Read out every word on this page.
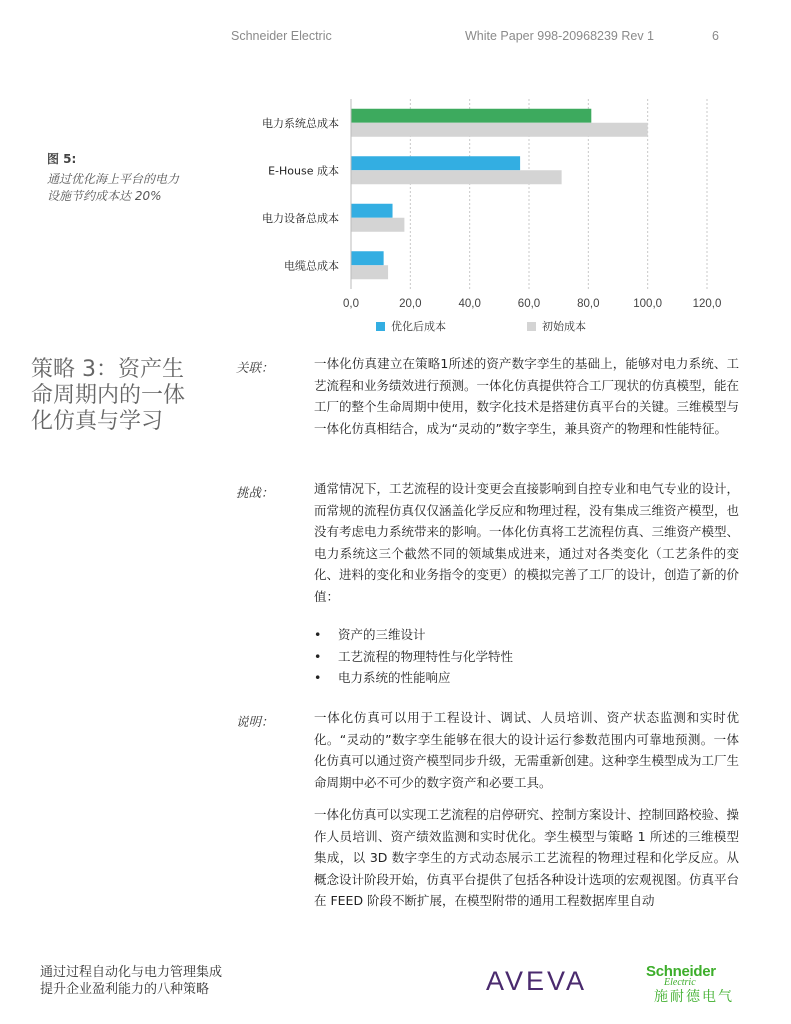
Schneider Electric	White Paper 998-20968239 Rev 1	6
图 5:
通过优化海上平台的电力设施节约成本达 20%
0,0	20,0	40,0	60,0	80,0	100,0	120,0
电力系统总成本
E-House 成本
电力设备总成本
电缆总成本
优化后成本	初始成本
策略 3：资产生命周期内的一体化仿真与学习
关联：	一体化仿真建立在策略1所述的资产数字孪生的基础上，能够对电力系统、工艺流程和业务绩效进行预测。一体化仿真提供符合工厂现状的仿真模型，能在工厂的整个生命周期中使用，数字化技术是搭建仿真平台的关键。三维模型与一体化仿真相结合，成为“灵动的”数字孪生，兼具资产的物理和性能特征。
挑战：	通常情况下，工艺流程的设计变更会直接影响到自控专业和电气专业的设计，而常规的流程仿真仅仅涵盖化学反应和物理过程，没有集成三维资产模型，也没有考虑电力系统带来的影响。一体化仿真将工艺流程仿真、三维资产模型、电力系统这三个截然不同的领域集成进来，通过对各类变化（工艺条件的变化、进料的变化和业务指令的变更）的模拟完善了工厂的设计，创造了新的价值：
• 资产的三维设计
• 工艺流程的物理特性与化学特性
• 电力系统的性能响应
说明：	一体化仿真可以用于工程设计、调试、人员培训、资产状态监测和实时优化。“灵动的”数字孪生能够在很大的设计运行参数范围内可靠地预测。一体化仿真可以通过资产模型同步升级，无需重新创建。这种孪生模型成为工厂生命周期中必不可少的数字资产和必要工具。
一体化仿真可以实现工艺流程的启停研究、控制方案设计、控制回路校验、操作人员培训、资产绩效监测和实时优化。孪生模型与策略 1 所述的三维模型集成，以 3D 数字孪生的方式动态展示工艺流程的物理过程和化学反应。从概念设计阶段开始，仿真平台提供了包括各种设计选项的宏观视图。仿真平台在 FEED 阶段不断扩展，在模型附带的通用工程数据库里自动
通过过程自动化与电力管理集成
提升企业盈利能力的八种策略	AVEVA	Schneider
Electric
施耐德电气
